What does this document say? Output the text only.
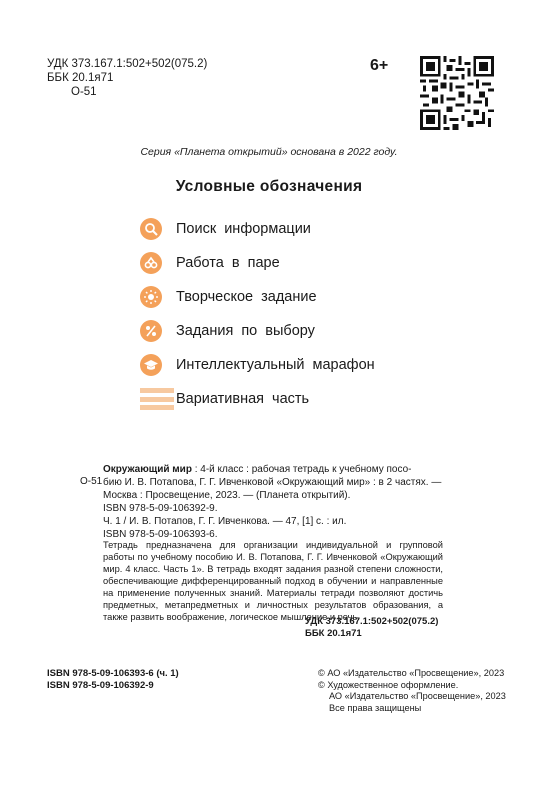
УДК 373.167.1:502+502(075.2)
ББК 20.1я71
О-51
6+
Серия «Планета открытий» основана в 2022 году.
Условные обозначения
Поиск информации
Работа в паре
Творческое задание
Задания по выбору
Интеллектуальный марафон
Вариативная часть
О-51

Окружающий мир : 4-й класс : рабочая тетрадь к учебному посо-

бию И. В. Потапова, Г. Г. Ивченковой «Окружающий мир» : в 2 частях. —

Москва : Просвещение, 2023. — (Планета открытий).

ISBN 978-5-09-106392-9.

Ч. 1 / И. В. Потапов, Г. Г. Ивченкова. — 47, [1] с. : ил.

ISBN 978-5-09-106393-6.

Тетрадь предназначена для организации индивидуальной и групповой работы по учебному пособию И. В. Потапова, Г. Г. Ивченковой «Окружающий мир. 4 класс. Часть 1». В тетрадь входят задания разной степени сложности, обеспечивающие дифференцированный подход в обучении и направленные на применение полученных знаний. Материалы тетради позволяют достичь предметных, метапредметных и личностных результатов образования, а также развить воображение, логическое мышление и речь.
УДК 373.167.1:502+502(075.2)
ББК 20.1я71
ISBN 978-5-09-106393-6 (ч. 1)
ISBN 978-5-09-106392-9
© АО «Издательство «Просвещение», 2023
© Художественное оформление.
АО «Издательство «Просвещение», 2023
Все права защищены
